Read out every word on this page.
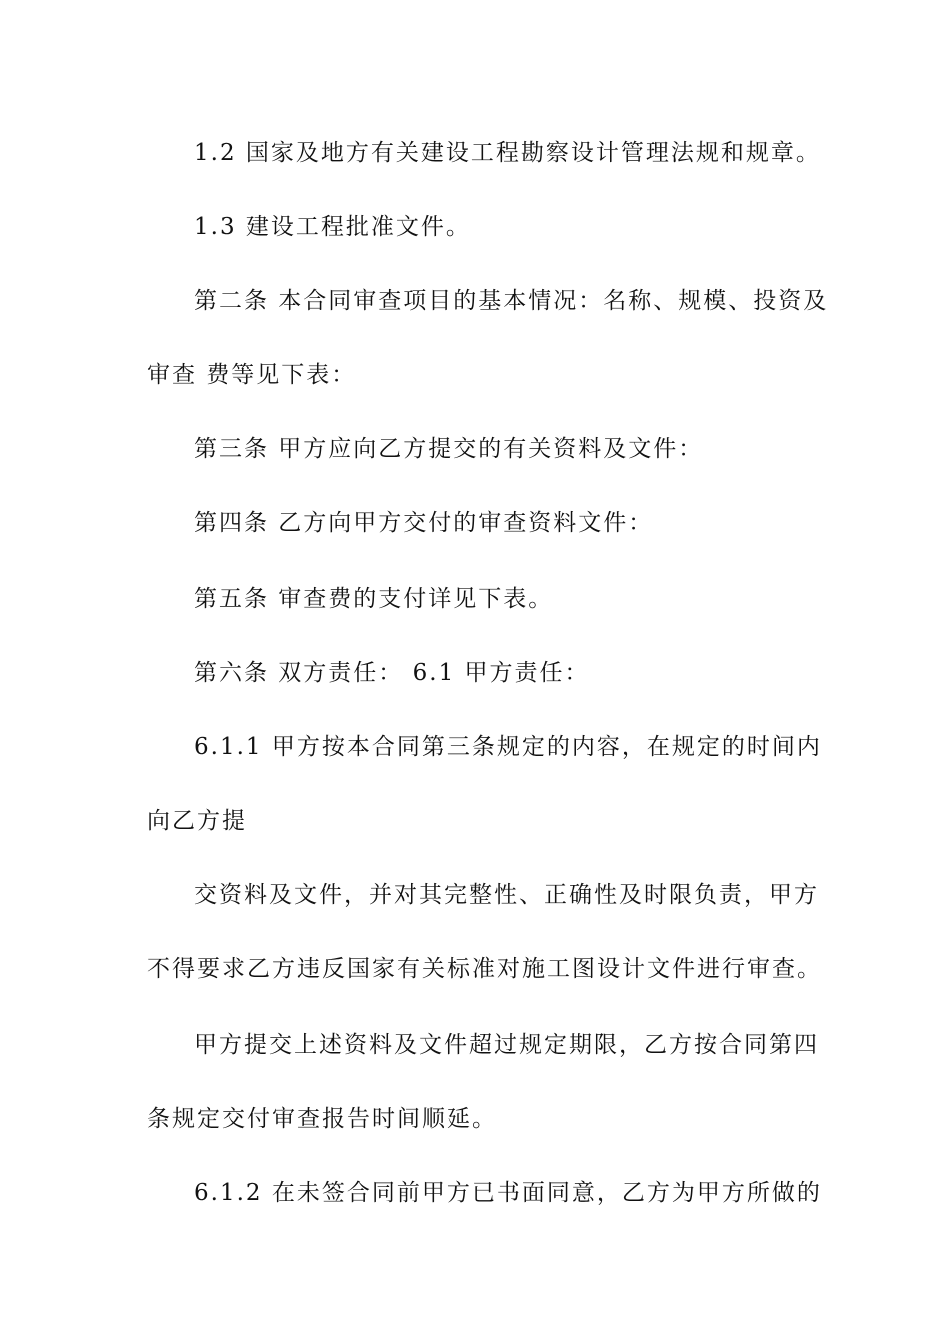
1.2 国家及地方有关建设工程勘察设计管理法规和规章。
1.3 建设工程批准文件。
第二条 本合同审查项目的基本情况：名称、规模、投资及
审查 费等见下表：
第三条 甲方应向乙方提交的有关资料及文件：
第四条 乙方向甲方交付的审查资料文件：
第五条 审查费的支付详见下表。
第六条 双方责任： 6.1 甲方责任：
6.1.1 甲方按本合同第三条规定的内容，在规定的时间内
向乙方提
交资料及文件，并对其完整性、正确性及时限负责，甲方
不得要求乙方违反国家有关标准对施工图设计文件进行审查。
甲方提交上述资料及文件超过规定期限，乙方按合同第四
条规定交付审查报告时间顺延。
6.1.2 在未签合同前甲方已书面同意，乙方为甲方所做的
